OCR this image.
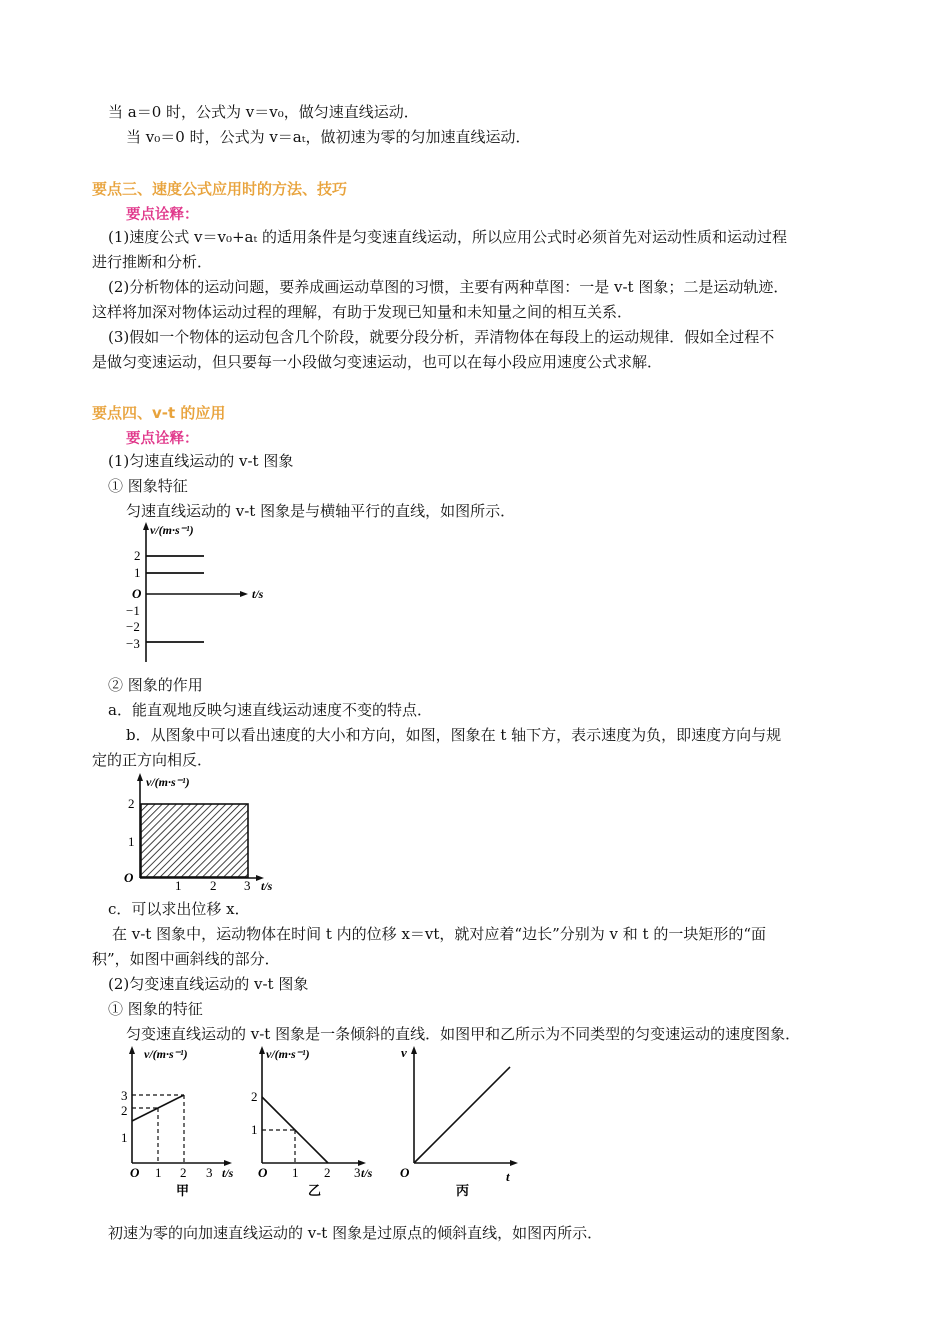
当 a＝0 时，公式为 v＝v₀，做匀速直线运动．
当 v₀＝0 时，公式为 v＝aₜ，做初速为零的匀加速直线运动．
要点三、速度公式应用时的方法、技巧
要点诠释：
(1)速度公式 v＝v₀+aₜ 的适用条件是匀变速直线运动，所以应用公式时必须首先对运动性质和运动过程
进行推断和分析．
(2)分析物体的运动问题，要养成画运动草图的习惯，主要有两种草图：一是 v-t 图象；二是运动轨迹．
这样将加深对物体运动过程的理解，有助于发现已知量和未知量之间的相互关系．
(3)假如一个物体的运动包含几个阶段，就要分段分析，弄清物体在每段上的运动规律．假如全过程不
是做匀变速运动，但只要每一小段做匀变速运动，也可以在每小段应用速度公式求解．
要点四、v-t 的应用
要点诠释：
(1)匀速直线运动的 v-t 图象
① 图象特征
匀速直线运动的 v-t 图象是与横轴平行的直线，如图所示．
v/(m·s⁻¹)
t/s
O
2
1
−1
−2
−3
② 图象的作用
a．能直观地反映匀速直线运动速度不变的特点．
b．从图象中可以看出速度的大小和方向，如图，图象在 t 轴下方，表示速度为负，即速度方向与规
定的正方向相反．
v/(m·s⁻¹)
2
1
O
1 2 3 t/s
c．可以求出位移 x．
在 v-t 图象中，运动物体在时间 t 内的位移 x＝vt，就对应着“边长”分别为 v 和 t 的一块矩形的“面
积”，如图中画斜线的部分．
(2)匀变速直线运动的 v-t 图象
① 图象的特征
匀变速直线运动的 v-t 图象是一条倾斜的直线．如图甲和乙所示为不同类型的匀变速运动的速度图象．
v/(m·s⁻¹)
3
2
1
O 1 2 3 t/s
甲
v/(m·s⁻¹)
2
1
O 1 2 3 t/s
乙
v
O	t
丙
初速为零的向加速直线运动的 v-t 图象是过原点的倾斜直线，如图丙所示．
